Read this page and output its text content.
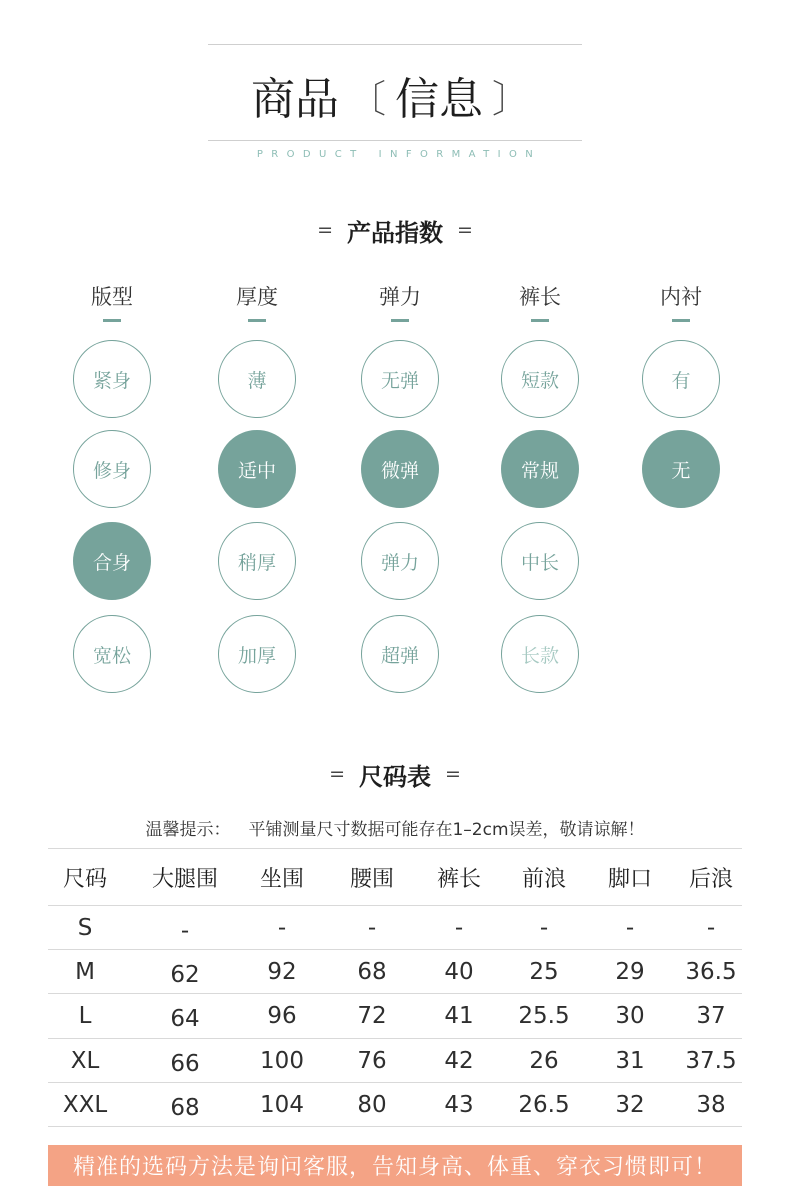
商品 〔 信息 〕
PRODUCT INFORMATION
= 产品指数 =
版型
紧身
修身
合身
宽松
厚度
薄
适中
稍厚
加厚
弹力
无弹
微弹
弹力
超弹
裤长
短款
常规
中长
长款
内衬
有
无
= 尺码表 =
温馨提示： 平铺测量尺寸数据可能存在1–2cm误差，敬请谅解！
尺码	大腿围	坐围	腰围	裤长	前浪	脚口	后浪
S	-	-	-	-	-	-	-
M	62	92	68	40	25	29	36.5
L	64	96	72	41	25.5	30	37
XL	66	100	76	42	26	31	37.5
XXL	68	104	80	43	26.5	32	38
精准的选码方法是询问客服，告知身高、体重、穿衣习惯即可！
